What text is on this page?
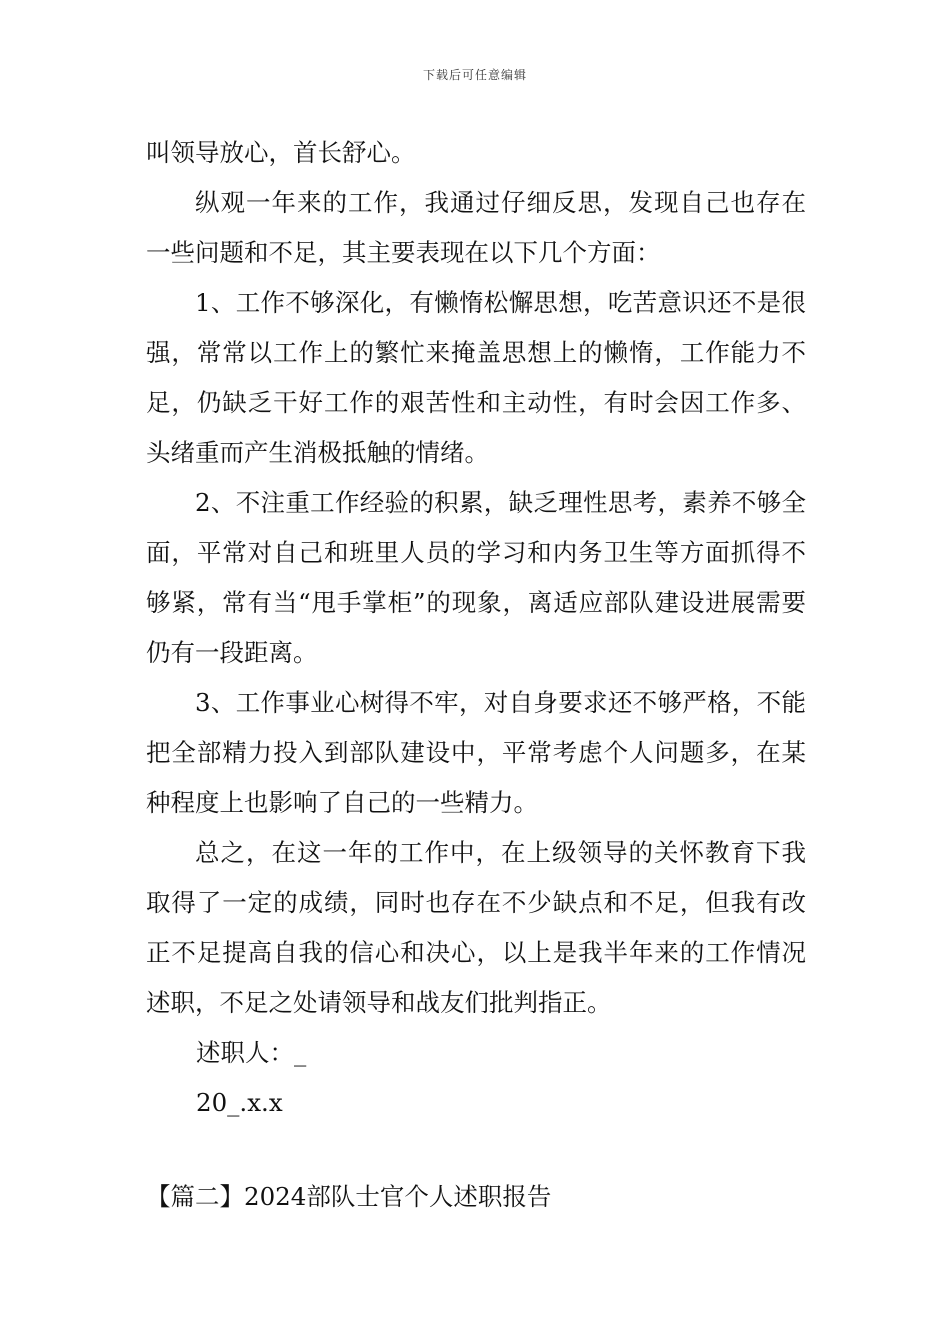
下载后可任意编辑

叫领导放心，首长舒心。

纵观一年来的工作，我通过仔细反思，发现自己也存在一些问题和不足，其主要表现在以下几个方面：

1、工作不够深化，有懒惰松懈思想，吃苦意识还不是很强，常常以工作上的繁忙来掩盖思想上的懒惰，工作能力不足，仍缺乏干好工作的艰苦性和主动性，有时会因工作多、头绪重而产生消极抵触的情绪。

2、不注重工作经验的积累，缺乏理性思考，素养不够全面，平常对自己和班里人员的学习和内务卫生等方面抓得不够紧，常有当“甩手掌柜”的现象，离适应部队建设进展需要仍有一段距离。

3、工作事业心树得不牢，对自身要求还不够严格，不能把全部精力投入到部队建设中，平常考虑个人问题多，在某种程度上也影响了自己的一些精力。

总之，在这一年的工作中，在上级领导的关怀教育下我取得了一定的成绩，同时也存在不少缺点和不足，但我有改正不足提高自我的信心和决心，以上是我半年来的工作情况述职，不足之处请领导和战友们批判指正。

述职人：_

20_.x.x

【篇二】2024部队士官个人述职报告
